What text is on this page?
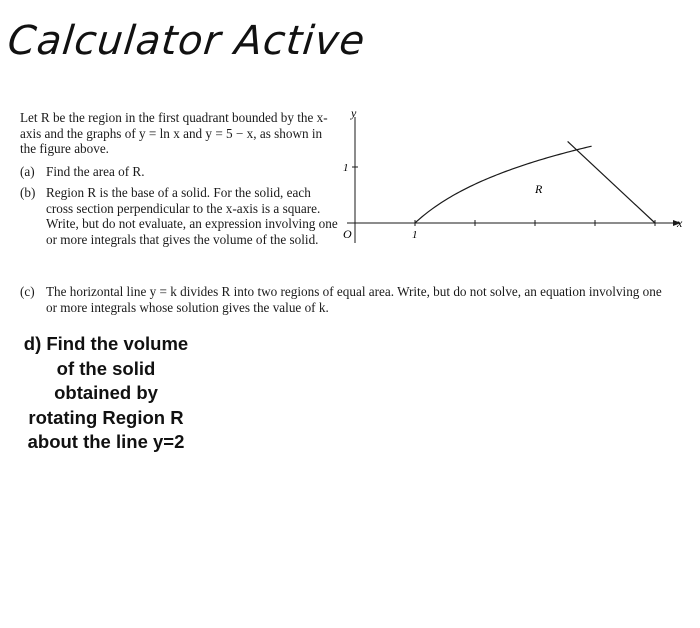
Calculator Active

Let R be the region in the first quadrant bounded by the x-axis and the graphs of y = ln x and y = 5 − x, as shown in the figure above.

(a) Find the area of R.
(b) Region R is the base of a solid. For the solid, each cross section perpendicular to the x-axis is a square. Write, but do not evaluate, an expression involving one or more integrals that gives the volume of the solid.
(c) The horizontal line y = k divides R into two regions of equal area. Write, but do not solve, an equation involving one or more integrals whose solution gives the value of k.
d) Find the volume of the solid obtained by rotating Region R about the line y=2
y
x
O	1
1
R
